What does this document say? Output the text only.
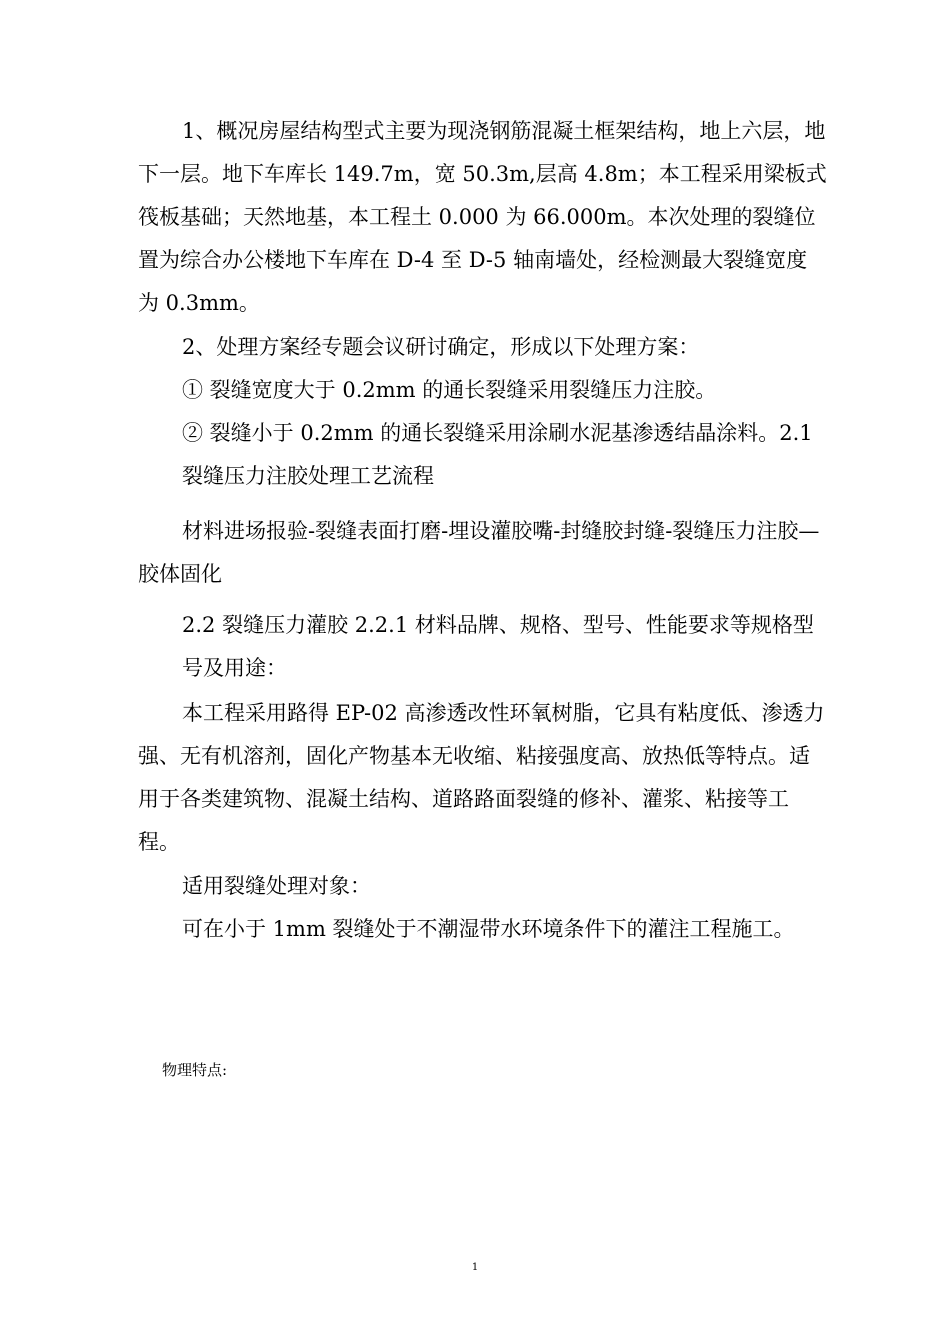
1、概况房屋结构型式主要为现浇钢筋混凝土框架结构，地上六层，地下一层。地下车库长 149.7m，宽 50.3m,层高 4.8m；本工程采用梁板式筏板基础；天然地基，本工程土 0.000 为 66.000m。本次处理的裂缝位置为综合办公楼地下车库在 D-4 至 D-5 轴南墙处，经检测最大裂缝宽度为 0.3mm。

2、处理方案经专题会议研讨确定，形成以下处理方案：

① 裂缝宽度大于 0.2mm 的通长裂缝采用裂缝压力注胶。

② 裂缝小于 0.2mm 的通长裂缝采用涂刷水泥基渗透结晶涂料。2.1 裂缝压力注胶处理工艺流程

材料进场报验-裂缝表面打磨-埋设灌胶嘴-封缝胶封缝-裂缝压力注胶—胶体固化

2.2 裂缝压力灌胶 2.2.1 材料品牌、规格、型号、性能要求等规格型号及用途：

本工程采用路得 EP-02 高渗透改性环氧树脂，它具有粘度低、渗透力强、无有机溶剂，固化产物基本无收缩、粘接强度高、放热低等特点。适用于各类建筑物、混凝土结构、道路路面裂缝的修补、灌浆、粘接等工程。

适用裂缝处理对象：

可在小于 1mm 裂缝处于不潮湿带水环境条件下的灌注工程施工。

物理特点:
1
